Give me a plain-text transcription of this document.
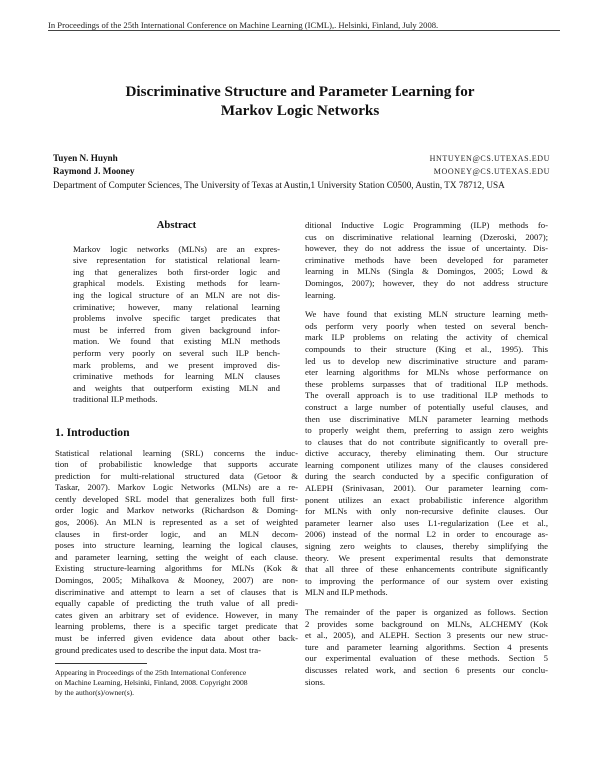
In Proceedings of the 25th International Conference on Machine Learning (ICML),. Helsinki, Finland, July 2008.
Discriminative Structure and Parameter Learning for
Markov Logic Networks
Tuyen N. Huynh	HNTUYEN@CS.UTEXAS.EDU
Raymond J. Mooney	MOONEY@CS.UTEXAS.EDU
Department of Computer Sciences, The University of Texas at Austin,1 University Station C0500, Austin, TX 78712, USA
Abstract
Markov logic networks (MLNs) are an expres-
sive representation for statistical relational learn-
ing that generalizes both first-order logic and
graphical models. Existing methods for learn-
ing the logical structure of an MLN are not dis-
criminative; however, many relational learning
problems involve specific target predicates that
must be inferred from given background infor-
mation. We found that existing MLN methods
perform very poorly on several such ILP bench-
mark problems, and we present improved dis-
criminative methods for learning MLN clauses
and weights that outperform existing MLN and
traditional ILP methods.
1. Introduction
Statistical relational learning (SRL) concerns the induc-
tion of probabilistic knowledge that supports accurate
prediction for multi-relational structured data (Getoor &
Taskar, 2007). Markov Logic Networks (MLNs) are a re-
cently developed SRL model that generalizes both full first-
order logic and Markov networks (Richardson & Doming-
gos, 2006). An MLN is represented as a set of weighted
clauses in first-order logic, and an MLN decom-
poses into structure learning, learning the logical clauses,
and parameter learning, setting the weight of each clause.
Existing structure-learning algorithms for MLNs (Kok &
Domingos, 2005; Mihalkova & Mooney, 2007) are non-
discriminative and attempt to learn a set of clauses that is
equally capable of predicting the truth value of all predi-
cates given an arbitrary set of evidence. However, in many
learning problems, there is a specific target predicate that
must be inferred given evidence data about other back-
ground predicates used to describe the input data. Most tra-
Appearing in Proceedings of the 25th International Conference
on Machine Learning, Helsinki, Finland, 2008. Copyright 2008
by the author(s)/owner(s).
ditional Inductive Logic Programming (ILP) methods fo-
cus on discriminative relational learning (Dzeroski, 2007);
however, they do not address the issue of uncertainty. Dis-
criminative methods have been developed for parameter
learning in MLNs (Singla & Domingos, 2005; Lowd &
Domingos, 2007); however, they do not address structure
learning.
We have found that existing MLN structure learning meth-
ods perform very poorly when tested on several bench-
mark ILP problems on relating the activity of chemical
compounds to their structure (King et al., 1995). This
led us to develop new discriminative structure and param-
eter learning algorithms for MLNs whose performance on
these problems surpasses that of traditional ILP methods.
The overall approach is to use traditional ILP methods to
construct a large number of potentially useful clauses, and
then use discriminative MLN parameter learning methods
to properly weight them, preferring to assign zero weights
to clauses that do not contribute significantly to overall pre-
dictive accuracy, thereby eliminating them. Our structure
learning component utilizes many of the clauses considered
during the search conducted by a specific configuration of
ALEPH (Srinivasan, 2001). Our parameter learning com-
ponent utilizes an exact probabilistic inference algorithm
for MLNs with only non-recursive definite clauses. Our
parameter learner also uses L1-regularization (Lee et al.,
2006) instead of the normal L2 in order to encourage as-
signing zero weights to clauses, thereby simplifying the
theory. We present experimental results that demonstrate
that all three of these enhancements contribute significantly
to improving the performance of our system over existing
MLN and ILP methods.
The remainder of the paper is organized as follows. Section
2 provides some background on MLNs, ALCHEMY (Kok
et al., 2005), and ALEPH. Section 3 presents our new struc-
ture and parameter learning algorithms. Section 4 presents
our experimental evaluation of these methods. Section 5
discusses related work, and section 6 presents our conclu-
sions.
